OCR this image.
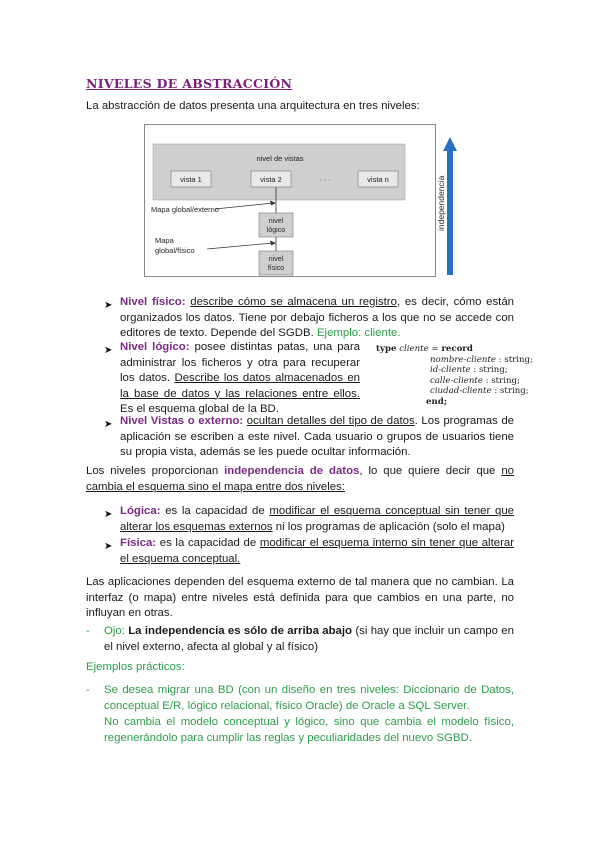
NIVELES DE ABSTRACCIÓN
La abstracción de datos presenta una arquitectura en tres niveles:
nivel de vistas
vista 1	vista 2	· · ·	vista n
nivel
lógico
nivel
físico
Mapa global/externo
Mapa
global/físico
independencia
➤ Nivel físico: describe cómo se almacena un registro, es decir, cómo están organizados los datos. Tiene por debajo ficheros a los que no se accede con editores de texto. Depende del SGDB. Ejemplo: cliente.
➤ Nivel lógico: posee distintas patas, una para administrar los ficheros y otra para recuperar los datos. Describe los datos almacenados en la base de datos y las relaciones entre ellos. Es el esquema global de la BD.
type cliente = record
nombre-cliente : string;
id-cliente : string;
calle-cliente : string;
ciudad-cliente : string;
end;
➤ Nivel Vistas o externo: ocultan detalles del tipo de datos. Los programas de aplicación se escriben a este nivel. Cada usuario o grupos de usuarios tiene su propia vista, además se les puede ocultar información.
Los niveles proporcionan independencia de datos, lo que quiere decir que no cambia el esquema sino el mapa entre dos niveles:
➤ Lógica: es la capacidad de modificar el esquema conceptual sin tener que alterar los esquemas externos ni los programas de aplicación (solo el mapa)
➤ Física: es la capacidad de modificar el esquema interno sin tener que alterar el esquema conceptual.
Las aplicaciones dependen del esquema externo de tal manera que no cambian. La interfaz (o mapa) entre niveles está definida para que cambios en una parte, no influyan en otras.
- Ojo: La independencia es sólo de arriba abajo (si hay que incluir un campo en el nivel externo, afecta al global y al físico)
Ejemplos prácticos:
- Se desea migrar una BD (con un diseño en tres niveles: Diccionario de Datos, conceptual E/R, lógico relacional, físico Oracle) de Oracle a SQL Server.
No cambia el modelo conceptual y lógico, sino que cambia el modelo físico, regenerándolo para cumplir las reglas y peculiaridades del nuevo SGBD.
